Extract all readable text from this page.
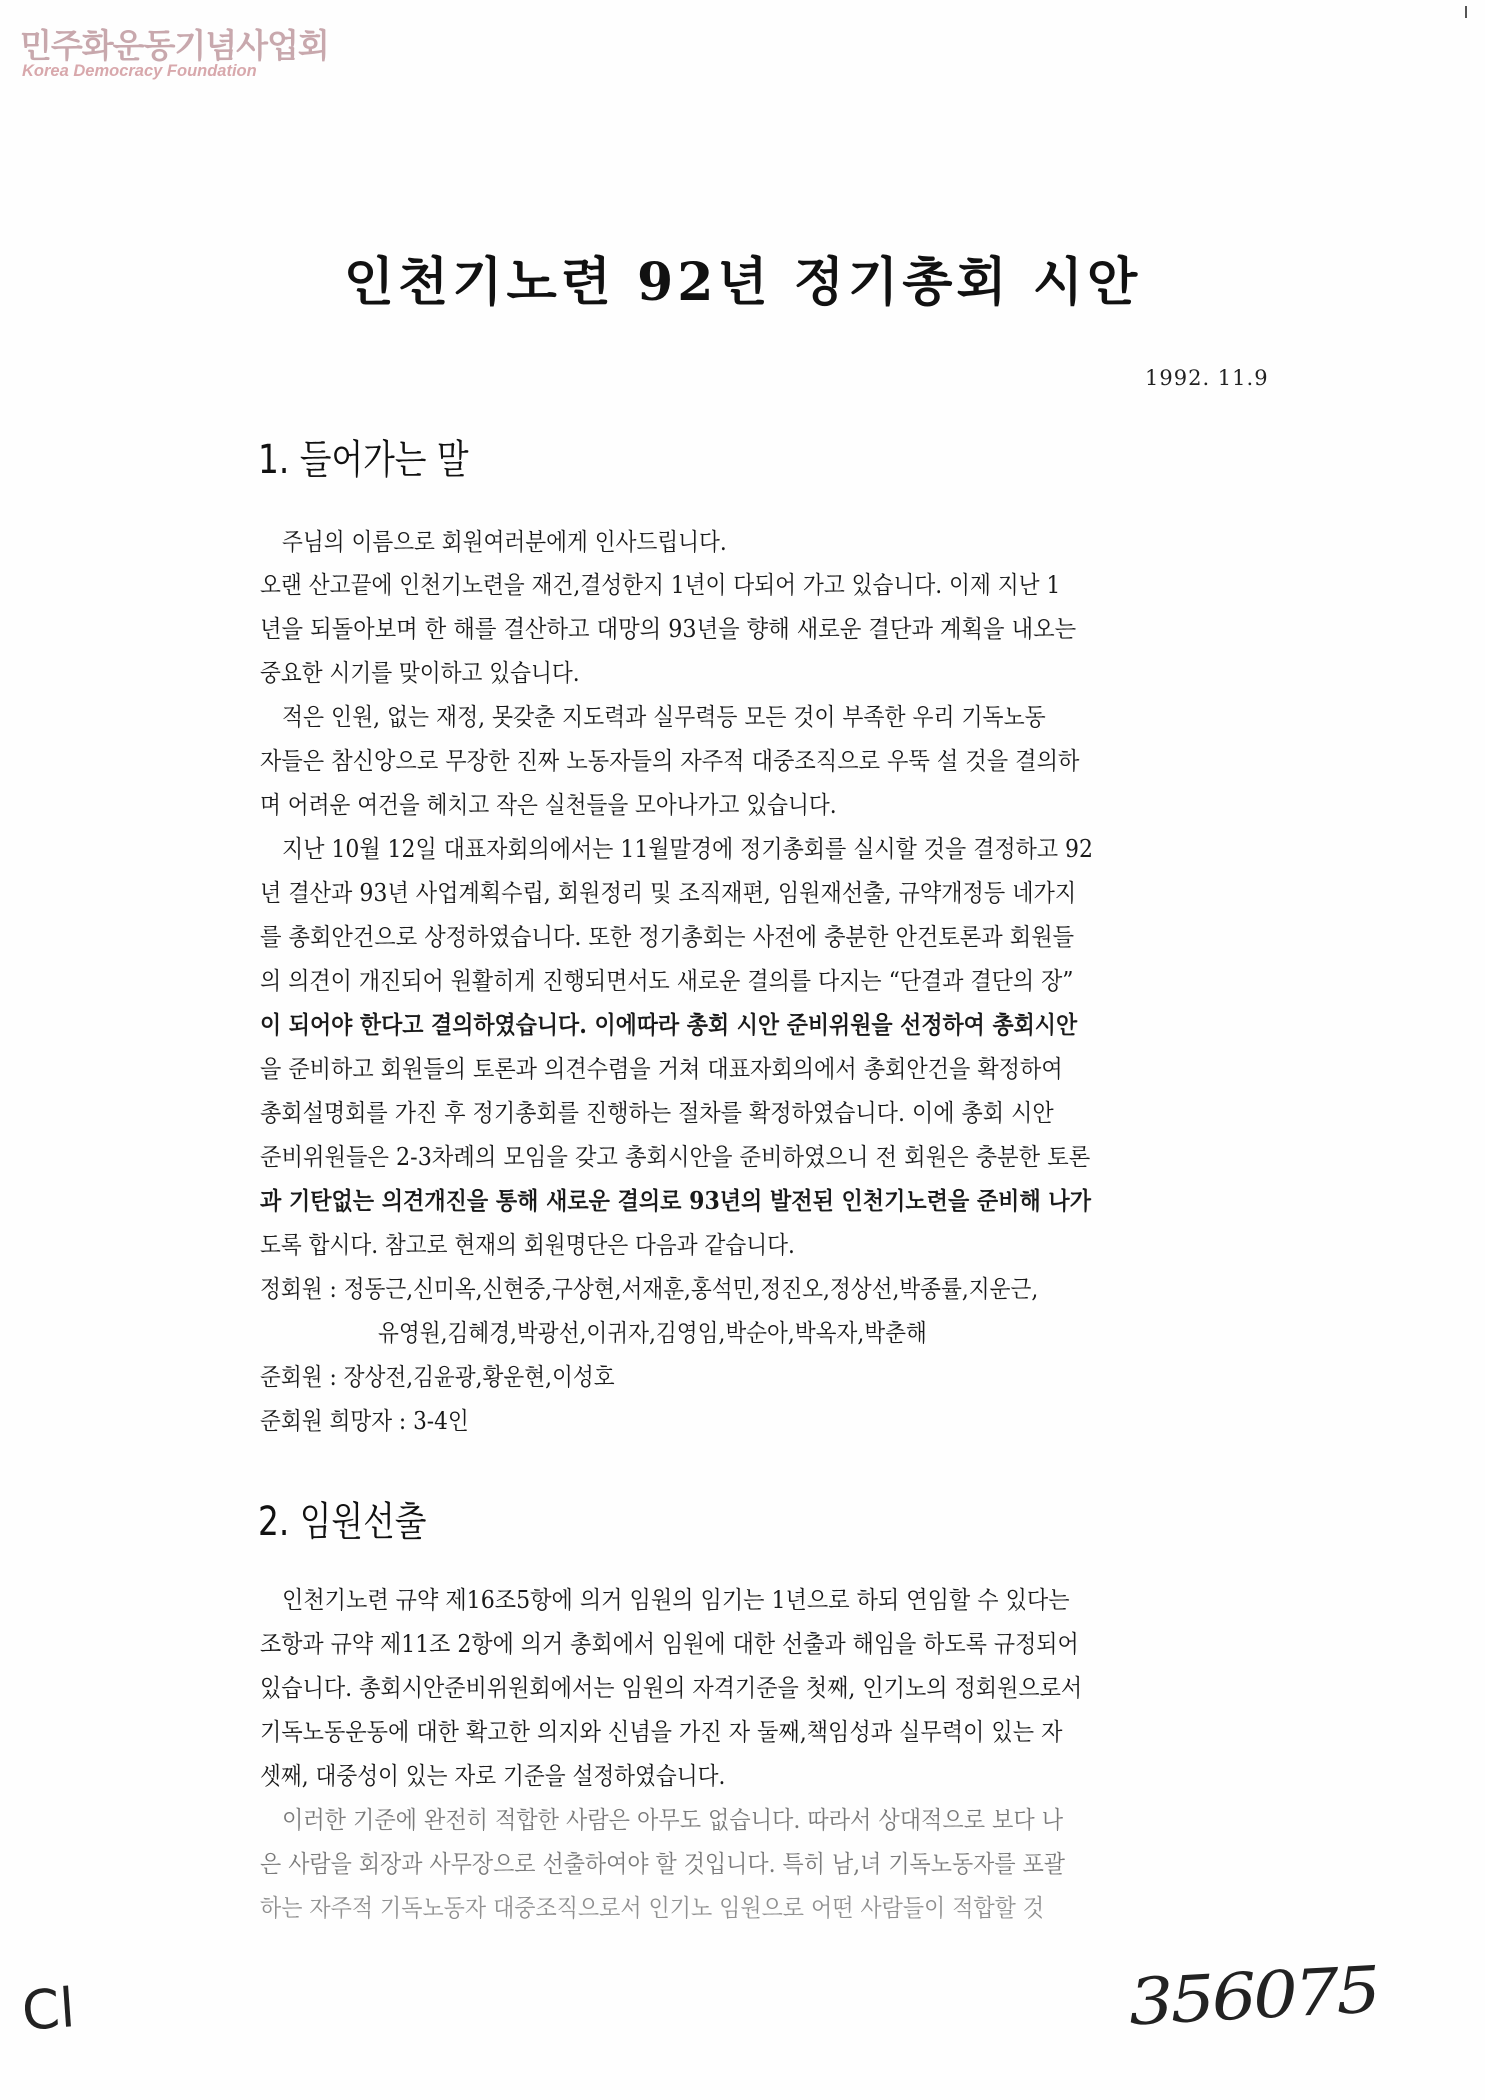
민주화운동기념사업회
Korea Democracy Foundation
인천기노련 92년 정기총회 시안
1992. 11.9
1. 들어가는 말
주님의 이름으로 회원여러분에게 인사드립니다.
오랜 산고끝에 인천기노련을 재건,결성한지 1년이 다되어 가고 있습니다. 이제 지난 1
년을 되돌아보며 한 해를 결산하고 대망의 93년을 향해 새로운 결단과 계획을 내오는
중요한 시기를 맞이하고 있습니다.
적은 인원, 없는 재정, 못갖춘 지도력과 실무력등 모든 것이 부족한 우리 기독노동
자들은 참신앙으로 무장한 진짜 노동자들의 자주적 대중조직으로 우뚝 설 것을 결의하
며 어려운 여건을 헤치고 작은 실천들을 모아나가고 있습니다.
지난 10월 12일 대표자회의에서는 11월말경에 정기총회를 실시할 것을 결정하고 92
년 결산과 93년 사업계획수립, 회원정리 및 조직재편, 임원재선출, 규약개정등 네가지
를 총회안건으로 상정하였습니다. 또한 정기총회는 사전에 충분한 안건토론과 회원들
의 의견이 개진되어 원활히게 진행되면서도 새로운 결의를 다지는 “단결과 결단의 장”
이 되어야 한다고 결의하였습니다. 이에따라 총회 시안 준비위원을 선정하여 총회시안
을 준비하고 회원들의 토론과 의견수렴을 거쳐 대표자회의에서 총회안건을 확정하여
총회설명회를 가진 후 정기총회를 진행하는 절차를 확정하였습니다. 이에 총회 시안
준비위원들은 2-3차례의 모임을 갖고 총회시안을 준비하였으니 전 회원은 충분한 토론
과 기탄없는 의견개진을 통해 새로운 결의로 93년의 발전된 인천기노련을 준비해 나가
도록 합시다. 참고로 현재의 회원명단은 다음과 같습니다.
정회원 : 정동근,신미옥,신현중,구상현,서재훈,홍석민,정진오,정상선,박종률,지운근,
유영원,김혜경,박광선,이귀자,김영임,박순아,박옥자,박춘해
준회원 : 장상전,김윤광,황운현,이성호
준회원 희망자 : 3-4인
2. 임원선출
인천기노련 규약 제16조5항에 의거 임원의 임기는 1년으로 하되 연임할 수 있다는
조항과 규약 제11조 2항에 의거 총회에서 임원에 대한 선출과 해임을 하도록 규정되어
있습니다. 총회시안준비위원회에서는 임원의 자격기준을 첫째, 인기노의 정회원으로서
기독노동운동에 대한 확고한 의지와 신념을 가진 자 둘째,책임성과 실무력이 있는 자
셋째, 대중성이 있는 자로 기준을 설정하였습니다.
이러한 기준에 완전히 적합한 사람은 아무도 없습니다. 따라서 상대적으로 보다 나
은 사람을 회장과 사무장으로 선출하여야 할 것입니다. 특히 남,녀 기독노동자를 포괄
하는 자주적 기독노동자 대중조직으로서 인기노 임원으로 어떤 사람들이 적합할 것
Cl	356075
